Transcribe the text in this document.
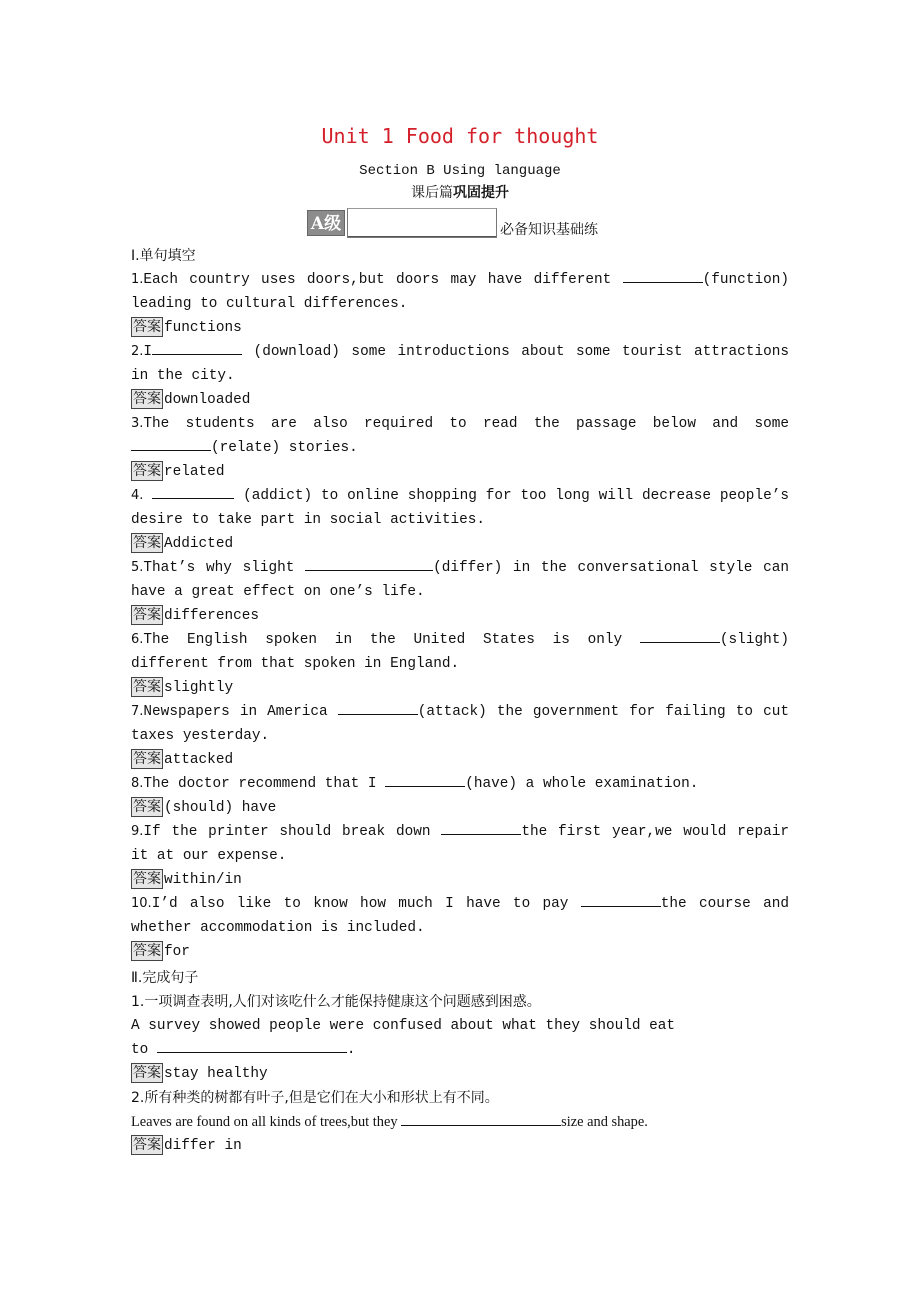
Unit 1 Food for thought
Section B Using language
课后篇巩固提升
A级	必备知识基础练
Ⅰ.单句填空
1.Each country uses doors,but doors may have different	(function) leading to cultural differences.
答案 functions
2.I	(download) some introductions about some tourist attractions in the city.
答案 downloaded
3.The students are also required to read the passage below and some (relate) stories.
答案 related
4.	(addict) to online shopping for too long will decrease people’s desire to take part in social activities.
答案 Addicted
5.That’s why slight	(differ) in the conversational style can have a great effect on one’s life.
答案 differences
6.The English spoken in the United States is only	(slight) different from that spoken in England.
答案 slightly
7.Newspapers in America	(attack) the government for failing to cut taxes yesterday.
答案 attacked
8.The doctor recommend that I	(have) a whole examination.
答案 (should) have
9.If the printer should break down	the first year,we would repair it at our expense.
答案 within/in
10.I’d also like to know how much I have to pay	the course and whether accommodation is included.
答案 for
Ⅱ.完成句子
1.一项调查表明,人们对该吃什么才能保持健康这个问题感到困惑。
A survey showed people were confused about what they should eat
to	.
答案 stay healthy
2.所有种类的树都有叶子,但是它们在大小和形状上有不同。
Leaves are found on all kinds of trees,but they	size and shape.
答案 differ in
